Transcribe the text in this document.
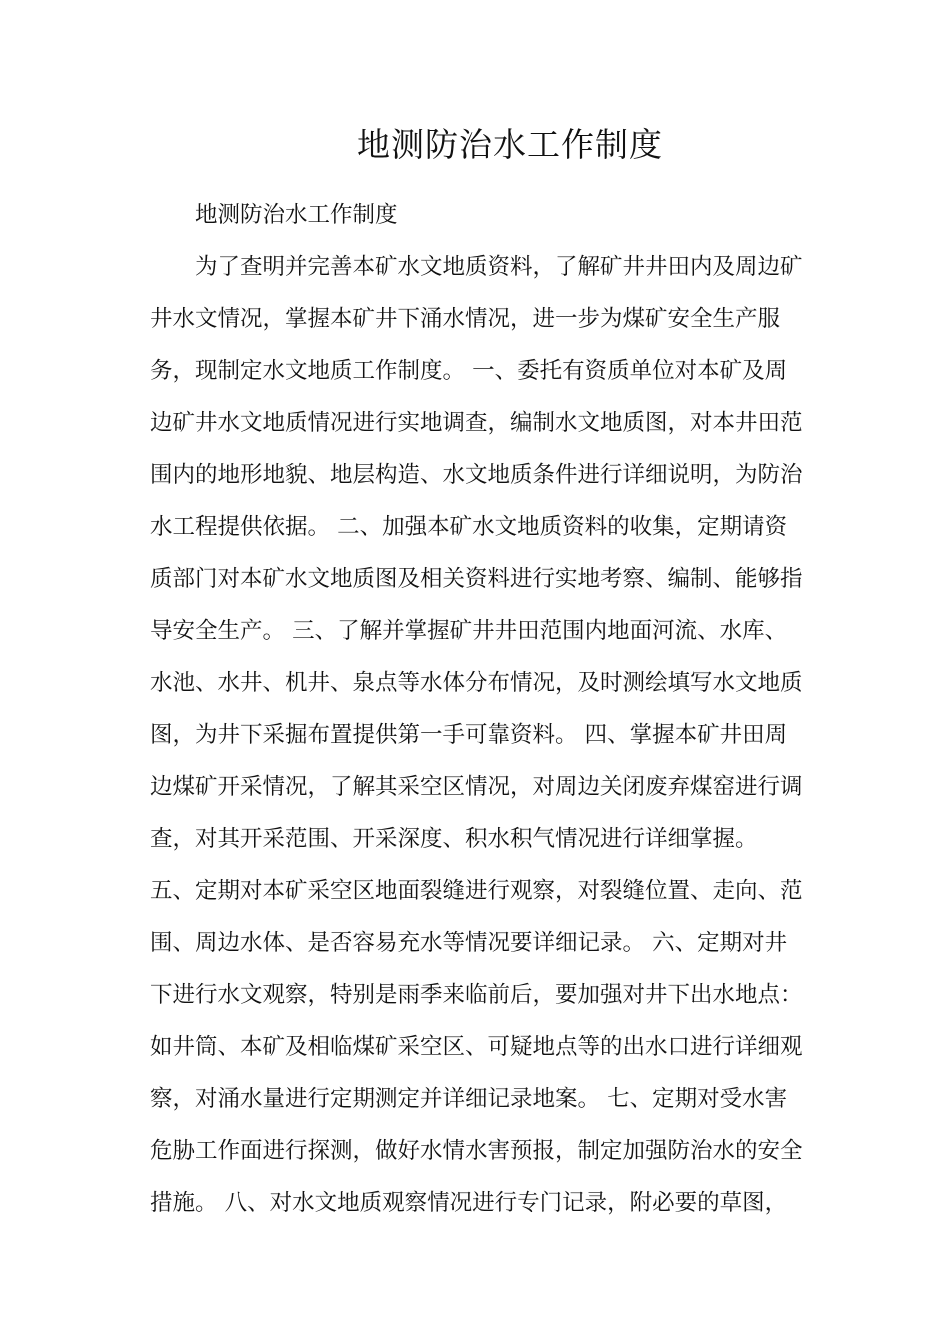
地测防治水工作制度
地测防治水工作制度
为了查明并完善本矿水文地质资料，了解矿井井田内及周边矿
井水文情况，掌握本矿井下涌水情况，进一步为煤矿安全生产服
务，现制定水文地质工作制度。 一、委托有资质单位对本矿及周
边矿井水文地质情况进行实地调查，编制水文地质图，对本井田范
围内的地形地貌、地层构造、水文地质条件进行详细说明，为防治
水工程提供依据。 二、加强本矿水文地质资料的收集，定期请资
质部门对本矿水文地质图及相关资料进行实地考察、编制、能够指
导安全生产。 三、了解并掌握矿井井田范围内地面河流、水库、
水池、水井、机井、泉点等水体分布情况，及时测绘填写水文地质
图，为井下采掘布置提供第一手可靠资料。 四、掌握本矿井田周
边煤矿开采情况，了解其采空区情况，对周边关闭废弃煤窑进行调
查，对其开采范围、开采深度、积水积气情况进行详细掌握。
五、定期对本矿采空区地面裂缝进行观察，对裂缝位置、走向、范
围、周边水体、是否容易充水等情况要详细记录。 六、定期对井
下进行水文观察，特别是雨季来临前后，要加强对井下出水地点：
如井筒、本矿及相临煤矿采空区、可疑地点等的出水口进行详细观
察，对涌水量进行定期测定并详细记录地案。 七、定期对受水害
危胁工作面进行探测，做好水情水害预报，制定加强防治水的安全
措施。 八、对水文地质观察情况进行专门记录，附必要的草图，
